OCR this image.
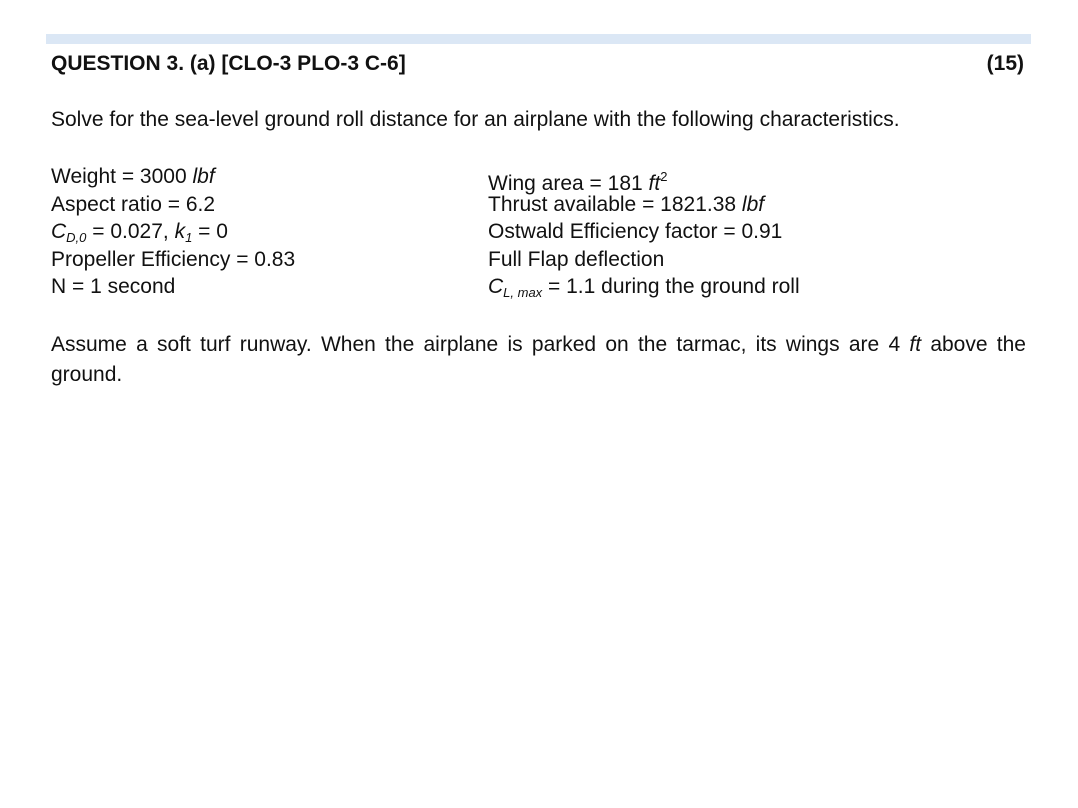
QUESTION 3. (a) [CLO-3 PLO-3 C-6]	(15)
Solve for the sea-level ground roll distance for an airplane with the following characteristics.
Weight = 3000 lbf
Aspect ratio = 6.2
$C_{D,0} = 0.027$, $k_1 = 0$
Propeller Efficiency = 0.83
N = 1 second
Wing area = 181 $ft^2$
Thrust available = 1821.38 lbf
Ostwald Efficiency factor = 0.91
Full Flap deflection
$C_{L, max} = 1.1$ during the ground roll
Assume a soft turf runway. When the airplane is parked on the tarmac, its wings are 4 ft above the ground.
